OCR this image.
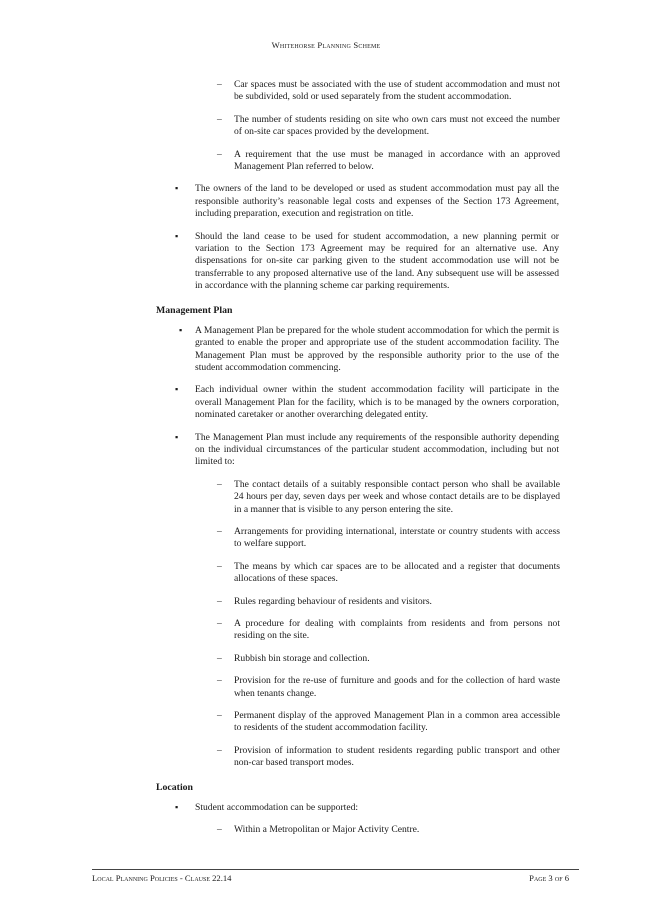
Whitehorse Planning Scheme
– Car spaces must be associated with the use of student accommodation and must not be subdivided, sold or used separately from the student accommodation.
– The number of students residing on site who own cars must not exceed the number of on-site car spaces provided by the development.
– A requirement that the use must be managed in accordance with an approved Management Plan referred to below.
▪ The owners of the land to be developed or used as student accommodation must pay all the responsible authority’s reasonable legal costs and expenses of the Section 173 Agreement, including preparation, execution and registration on title.
▪ Should the land cease to be used for student accommodation, a new planning permit or variation to the Section 173 Agreement may be required for an alternative use. Any dispensations for on-site car parking given to the student accommodation use will not be transferrable to any proposed alternative use of the land. Any subsequent use will be assessed in accordance with the planning scheme car parking requirements.
Management Plan
▪ A Management Plan be prepared for the whole student accommodation for which the permit is granted to enable the proper and appropriate use of the student accommodation facility. The Management Plan must be approved by the responsible authority prior to the use of the student accommodation commencing.
▪ Each individual owner within the student accommodation facility will participate in the overall Management Plan for the facility, which is to be managed by the owners corporation, nominated caretaker or another overarching delegated entity.
▪ The Management Plan must include any requirements of the responsible authority depending on the individual circumstances of the particular student accommodation, including but not limited to:
– The contact details of a suitably responsible contact person who shall be available 24 hours per day, seven days per week and whose contact details are to be displayed in a manner that is visible to any person entering the site.
– Arrangements for providing international, interstate or country students with access to welfare support.
– The means by which car spaces are to be allocated and a register that documents allocations of these spaces.
– Rules regarding behaviour of residents and visitors.
– A procedure for dealing with complaints from residents and from persons not residing on the site.
– Rubbish bin storage and collection.
– Provision for the re-use of furniture and goods and for the collection of hard waste when tenants change.
– Permanent display of the approved Management Plan in a common area accessible to residents of the student accommodation facility.
– Provision of information to student residents regarding public transport and other non-car based transport modes.
Location
▪ Student accommodation can be supported:
– Within a Metropolitan or Major Activity Centre.
Local Planning Policies - Clause 22.14	Page 3 of 6
